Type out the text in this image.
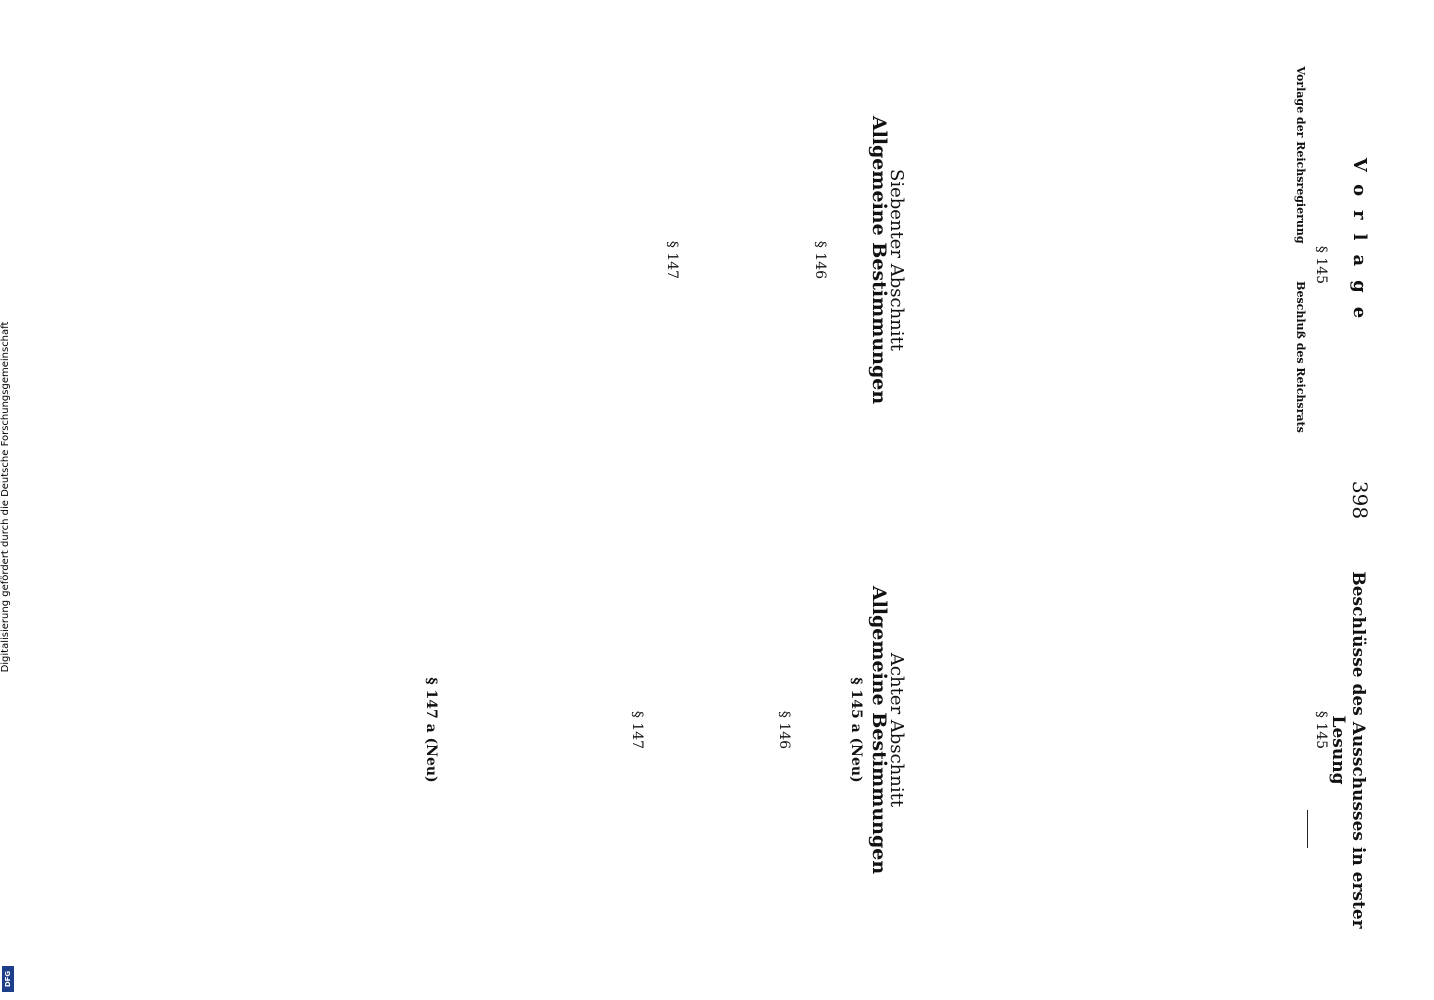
Vorlage
398
Beschlüsse des Ausschusses in erster Lesung
§ 145
Vorlage der Reichsregierung
Beschluß des Reichsrats
Siebenter Abschnitt
Allgemeine Bestimmungen
§ 146
§ 147
§ 145
Achter Abschnitt
Allgemeine Bestimmungen
§ 145 a (Neu)
§ 146
§ 147
§ 147 a (Neu)
Digitalisierung gefördert durch die Deutsche Forschungsgemeinschaft
DFG
